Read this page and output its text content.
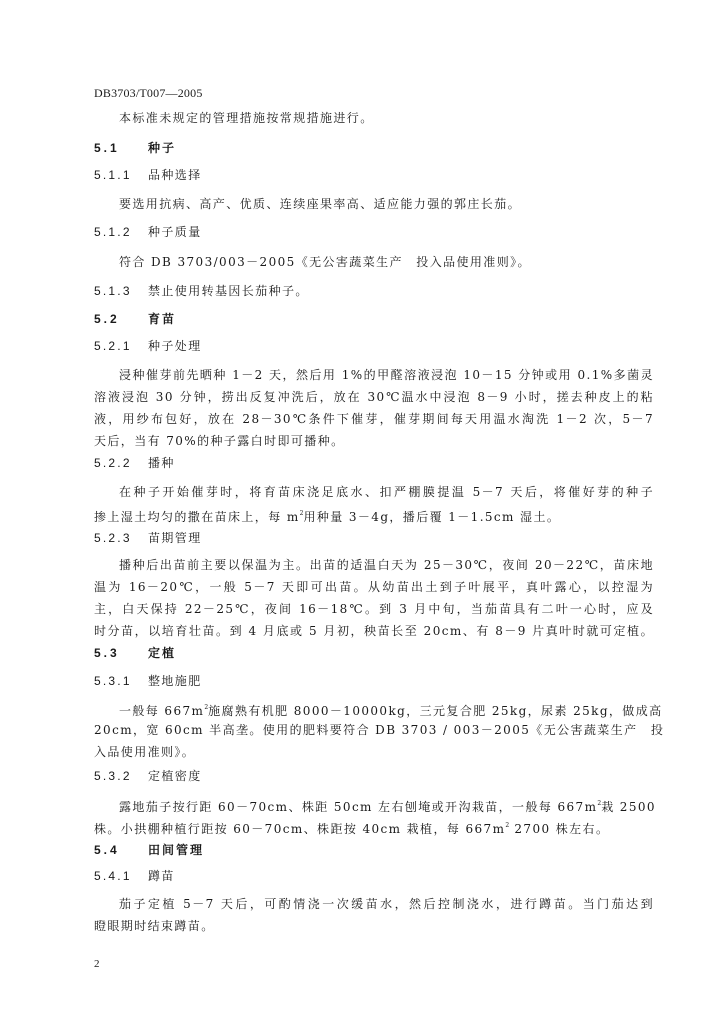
DB3703/T007—2005
本标准未规定的管理措施按常规措施进行。
5.1 种子
5.1.1 品种选择
要选用抗病、高产、优质、连续座果率高、适应能力强的郭庄长茄。
5.1.2 种子质量
符合 DB 3703/003－2005《无公害蔬菜生产　投入品使用准则》。
5.1.3 禁止使用转基因长茄种子。
5.2 育苗
5.2.1 种子处理
浸种催芽前先晒种 1－2 天，然后用 1%的甲醛溶液浸泡 10－15 分钟或用 0.1%多菌灵
溶液浸泡 30 分钟，捞出反复冲洗后，放在 30℃温水中浸泡 8－9 小时，搓去种皮上的粘
液，用纱布包好，放在 28－30℃条件下催芽，催芽期间每天用温水淘洗 1－2 次，5－7
天后，当有 70%的种子露白时即可播种。
5.2.2 播种
在种子开始催芽时，将育苗床浇足底水、扣严棚膜提温 5－7 天后，将催好芽的种子
掺上湿土均匀的撒在苗床上，每 $m^2$用种量 3－4g，播后覆 1－1.5cm 湿土。
5.2.3 苗期管理
播种后出苗前主要以保温为主。出苗的适温白天为 25－30℃，夜间 20－22℃，苗床地
温为 16－20℃，一般 5－7 天即可出苗。从幼苗出土到子叶展平，真叶露心，以控湿为
主，白天保持 22－25℃，夜间 16－18℃。到 3 月中旬，当茄苗具有二叶一心时，应及
时分苗，以培育壮苗。到 4 月底或 5 月初，秧苗长至 20cm、有 8－9 片真叶时就可定植。
5.3 定植
5.3.1 整地施肥
一般每 $667m^2$施腐熟有机肥 8000－10000kg，三元复合肥 25kg，尿素 25kg，做成高
20cm，宽 60cm 半高垄。使用的肥料要符合 DB 3703 / 003－2005《无公害蔬菜生产　投
入品使用准则》。
5.3.2 定植密度
露地茄子按行距 60－70cm、株距 50cm 左右刨埯或开沟栽苗，一般每 $667m^2$栽 2500
株。小拱棚种植行距按 60－70cm、株距按 40cm 栽植，每 $667m^2$ 2700 株左右。
5.4 田间管理
5.4.1 蹲苗
茄子定植 5－7 天后，可酌情浇一次缓苗水，然后控制浇水，进行蹲苗。当门茄达到
瞪眼期时结束蹲苗。
2
